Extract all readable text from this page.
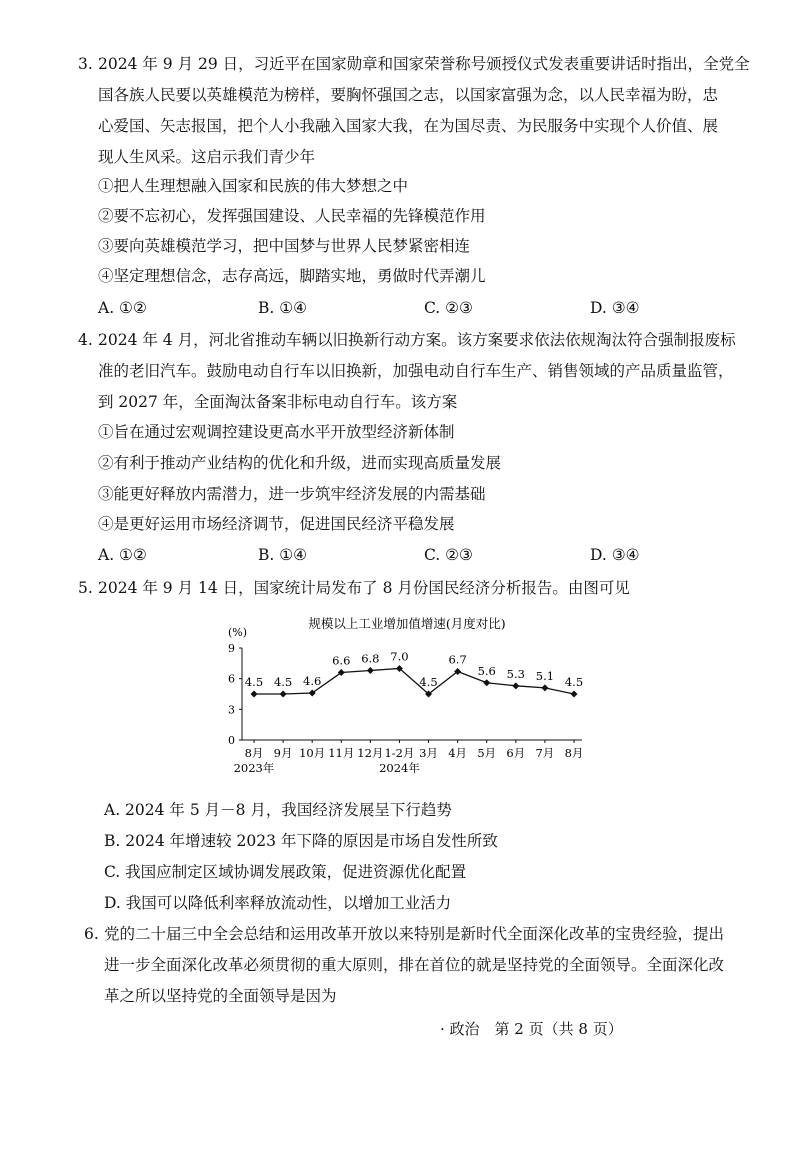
3. 2024 年 9 月 29 日，习近平在国家勋章和国家荣誉称号颁授仪式发表重要讲话时指出，全党全
国各族人民要以英雄模范为榜样，要胸怀强国之志，以国家富强为念，以人民幸福为盼，忠
心爱国、矢志报国，把个人小我融入国家大我，在为国尽责、为民服务中实现个人价值、展
现人生风采。这启示我们青少年
①把人生理想融入国家和民族的伟大梦想之中
②要不忘初心，发挥强国建设、人民幸福的先锋模范作用
③要向英雄模范学习，把中国梦与世界人民梦紧密相连
④坚定理想信念，志存高远，脚踏实地，勇做时代弄潮儿
A. ①②	B. ①④	C. ②③	D. ③④
4. 2024 年 4 月，河北省推动车辆以旧换新行动方案。该方案要求依法依规淘汰符合强制报废标
准的老旧汽车。鼓励电动自行车以旧换新，加强电动自行车生产、销售领域的产品质量监管，
到 2027 年，全面淘汰备案非标电动自行车。该方案
①旨在通过宏观调控建设更高水平开放型经济新体制
②有利于推动产业结构的优化和升级，进而实现高质量发展
③能更好释放内需潜力，进一步筑牢经济发展的内需基础
④是更好运用市场经济调节，促进国民经济平稳发展
A. ①②	B. ①④	C. ②③	D. ③④
5. 2024 年 9 月 14 日，国家统计局发布了 8 月份国民经济分析报告。由图可见
规模以上工业增加值增速(月度对比)
(%)
0
3
6
9
8月 9月 10月 11月 12月 1-2月 3月 4月 5月 6月 7月 8月
2023年	2024年
4.5 4.5 4.6
6.6 6.8 7.0
4.5
6.7
5.6 5.3 5.1 4.5
A. 2024 年 5 月－8 月，我国经济发展呈下行趋势
B. 2024 年增速较 2023 年下降的原因是市场自发性所致
C. 我国应制定区域协调发展政策，促进资源优化配置
D. 我国可以降低利率释放流动性，以增加工业活力
6. 党的二十届三中全会总结和运用改革开放以来特别是新时代全面深化改革的宝贵经验，提出
进一步全面深化改革必须贯彻的重大原则，排在首位的就是坚持党的全面领导。全面深化改
革之所以坚持党的全面领导是因为
· 政治　第 2 页（共 8 页）
